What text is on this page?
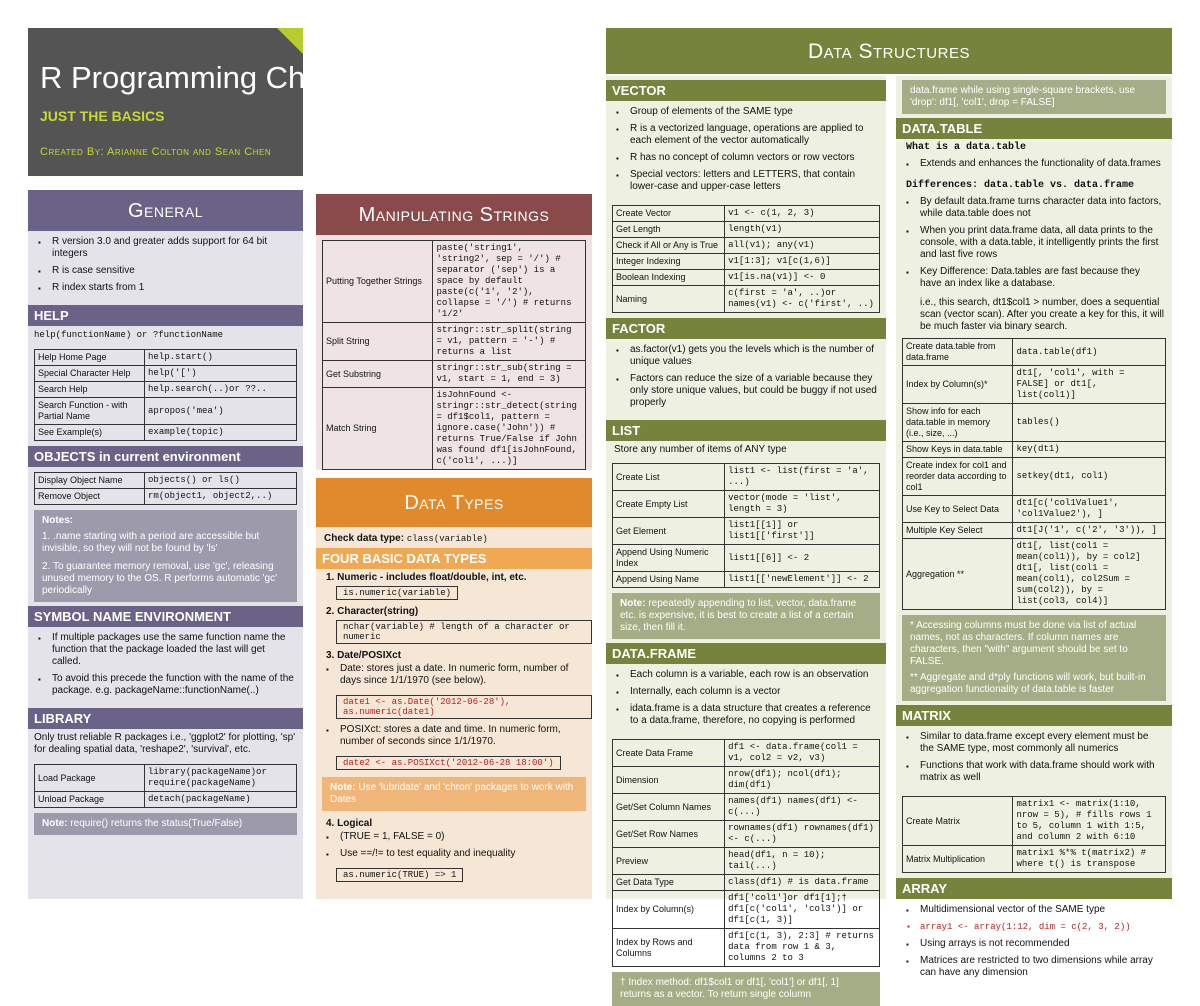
R Programming Cheat Sheet
JUST THE BASICS
Created By: Arianne Colton and Sean Chen
General
▪ R version 3.0 and greater adds support for 64 bit integers
▪ R is case sensitive
▪ R index starts from 1
HELP
help(functionName) or ?functionName
Help Home Page	help.start()
Special Character Help	help('[')
Search Help	help.search(..)or ??..
Search Function - with Partial Name	apropos('mea')
See Example(s)	example(topic)
OBJECTS in current environment
Display Object Name	objects() or ls()
Remove Object	rm(object1, object2,..)
Notes:
1. .name starting with a period are accessible but invisible, so they will not be found by 'ls'
2. To guarantee memory removal, use 'gc', releasing unused memory to the OS. R performs automatic 'gc' periodically
SYMBOL NAME ENVIRONMENT
▪ If multiple packages use the same function name the function that the package loaded the last will get called.
▪ To avoid this precede the function with the name of the package. e.g. packageName::functionName(..)
LIBRARY
Only trust reliable R packages i.e., 'ggplot2' for plotting, 'sp' for dealing spatial data, 'reshape2', 'survival', etc.
Load Package	library(packageName)or require(packageName)
Unload Package	detach(packageName)
Note: require() returns the status(True/False)
Manipulating Strings
Putting Together Strings	paste('string1', 'string2', sep = '/') # separator ('sep') is a space by default paste(c('1', '2'), collapse = '/') # returns '1/2'
Split String	stringr::str_split(string = v1, pattern = '-') # returns a list
Get Substring	stringr::str_sub(string = v1, start = 1, end = 3)
Match String	isJohnFound <- stringr::str_detect(string = df1$col1, pattern = ignore.case('John')) # returns True/False if John was found df1[isJohnFound, c('col1', ...)]
Data Types
Check data type: class(variable)
FOUR BASIC DATA TYPES
1. Numeric - includes float/double, int, etc.
is.numeric(variable)
2. Character(string)
nchar(variable) # length of a character or numeric
3. Date/POSIXct
▪ Date: stores just a date. In numeric form, number of days since 1/1/1970 (see below).
date1 <- as.Date('2012-06-28'), as.numeric(date1)
▪ POSIXct: stores a date and time. In numeric form, number of seconds since 1/1/1970.
date2 <- as.POSIXct('2012-06-28 18:00')
Note: Use 'lubridate' and 'chron' packages to work with Dates
4. Logical
▪ (TRUE = 1, FALSE = 0)
▪ Use ==/!= to test equality and inequality
as.numeric(TRUE) => 1
Data Structures
VECTOR
▪ Group of elements of the SAME type
▪ R is a vectorized language, operations are applied to each element of the vector automatically
▪ R has no concept of column vectors or row vectors
▪ Special vectors: letters and LETTERS, that contain lower-case and upper-case letters
Create Vector	v1 <- c(1, 2, 3)
Get Length	length(v1)
Check if All or Any is True	all(v1); any(v1)
Integer Indexing	v1[1:3]; v1[c(1,6)]
Boolean Indexing	v1[is.na(v1)] <- 0
Naming	c(first = 'a', ..)or names(v1) <- c('first', ..)
FACTOR
▪ as.factor(v1) gets you the levels which is the number of unique values
▪ Factors can reduce the size of a variable because they only store unique values, but could be buggy if not used properly
LIST
Store any number of items of ANY type
Create List	list1 <- list(first = 'a', ...)
Create Empty List	vector(mode = 'list', length = 3)
Get Element	list1[[1]] or list1[['first']]
Append Using Numeric Index	list1[[6]] <- 2
Append Using Name	list1[['newElement']] <- 2
Note: repeatedly appending to list, vector, data.frame etc. is expensive, it is best to create a list of a certain size, then fill it.
DATA.FRAME
▪ Each column is a variable, each row is an observation
▪ Internally, each column is a vector
▪ idata.frame is a data structure that creates a reference to a data.frame, therefore, no copying is performed
Create Data Frame	df1 <- data.frame(col1 = v1, col2 = v2, v3)
Dimension	nrow(df1); ncol(df1); dim(df1)
Get/Set Column Names	names(df1) names(df1) <- c(...)
Get/Set Row Names	rownames(df1) rownames(df1) <- c(...)
Preview	head(df1, n = 10); tail(...)
Get Data Type	class(df1) # is data.frame
Index by Column(s)	df1['col1']or df1[1];† df1[c('col1', 'col3')] or df1[c(1, 3)]
Index by Rows and Columns	df1[c(1, 3), 2:3] # returns data from row 1 & 3, columns 2 to 3
† Index method: df1$col1 or df1[, 'col1'] or df1[, 1] returns as a vector. To return single column
data.frame while using single-square brackets, use 'drop': df1[, 'col1', drop = FALSE]
DATA.TABLE
What is a data.table
▪ Extends and enhances the functionality of data.frames
Differences: data.table vs. data.frame
▪ By default data.frame turns character data into factors, while data.table does not
▪ When you print data.frame data, all data prints to the console, with a data.table, it intelligently prints the first and last five rows
▪ Key Difference: Data.tables are fast because they have an index like a database.
i.e., this search, dt1$col1 > number, does a sequential scan (vector scan). After you create a key for this, it will be much faster via binary search.
Create data.table from data.frame	data.table(df1)
Index by Column(s)*	dt1[, 'col1', with = FALSE] or dt1[, list(col1)]
Show info for each data.table in memory (i.e., size, ...)	tables()
Show Keys in data.table	key(dt1)
Create index for col1 and reorder data according to col1	setkey(dt1, col1)
Use Key to Select Data	dt1[c('col1Value1', 'col1Value2'), ]
Multiple Key Select	dt1[J('1', c('2', '3')), ]
Aggregation **	dt1[, list(col1 = mean(col1)), by = col2] dt1[, list(col1 = mean(col1), col2Sum = sum(col2)), by = list(col3, col4)]
* Accessing columns must be done via list of actual names, not as characters. If column names are characters, then "with" argument should be set to FALSE.
** Aggregate and d*ply functions will work, but built-in aggregation functionality of data.table is faster
MATRIX
▪ Similar to data.frame except every element must be the SAME type, most commonly all numerics
▪ Functions that work with data.frame should work with matrix as well
Create Matrix	matrix1 <- matrix(1:10, nrow = 5), # fills rows 1 to 5, column 1 with 1:5, and column 2 with 6:10
Matrix Multiplication	matrix1 %*% t(matrix2) # where t() is transpose
ARRAY
▪ Multidimensional vector of the SAME type
▪ array1 <- array(1:12, dim = c(2, 3, 2))
▪ Using arrays is not recommended
▪ Matrices are restricted to two dimensions while array can have any dimension
